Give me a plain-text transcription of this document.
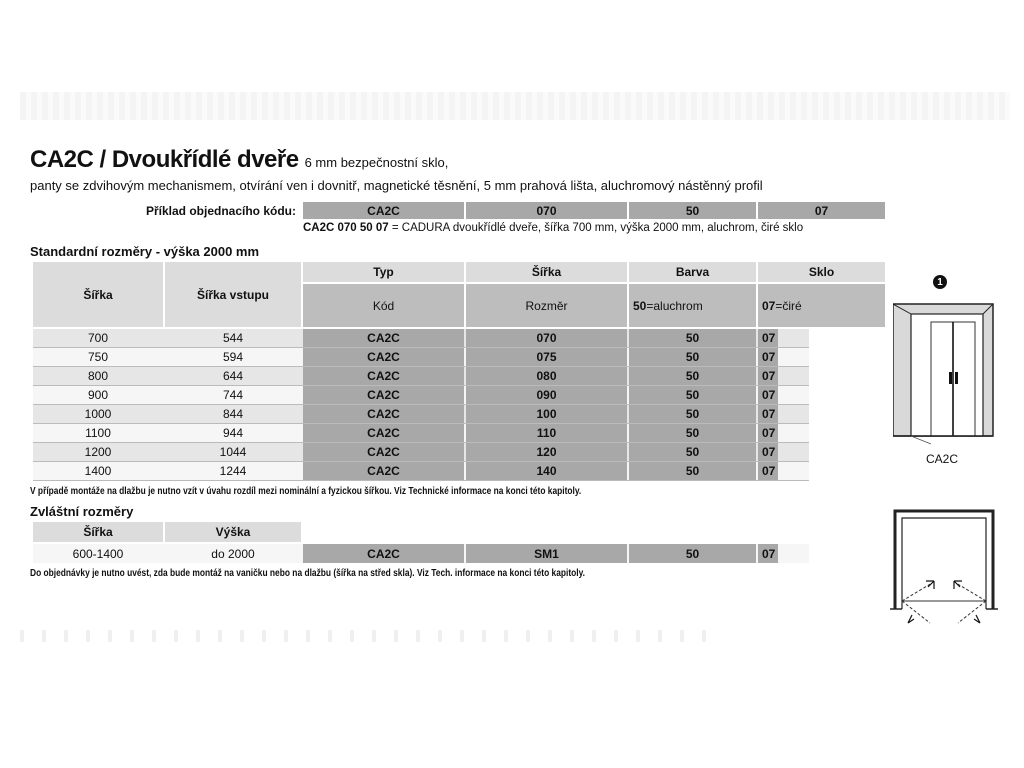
CA2C / Dvoukřídlé dveře 6 mm bezpečnostní sklo,
panty se zdvihovým mechanismem, otvírání ven i dovnitř, magnetické těsnění, 5 mm prahová lišta, aluchromový nástěnný profil
Příklad objednacího kódu:	CA2C	070	50	07
CA2C 070 50 07 = CADURA dvoukřídlé dveře, šířka 700 mm, výška 2000 mm, aluchrom, čiré sklo
Standardní rozměry - výška 2000 mm
Šířka	Šířka vstupu
Typ	Šířka	Barva	Sklo
Kód	Rozměr	50 =aluchrom	07 =čiré
700	544	CA2C	070	50	07
750	594	CA2C	075	50	07
800	644	CA2C	080	50	07
900	744	CA2C	090	50	07
1000	844	CA2C	100	50	07
1100	944	CA2C	110	50	07
1200	1044	CA2C	120	50	07
1400	1244	CA2C	140	50	07
V případě montáže na dlažbu je nutno vzít v úvahu rozdíl mezi nominální a fyzickou šířkou. Viz Technické informace na konci této kapitoly.
Zvláštní rozměry
Šířka	Výška
600-1400	do 2000	CA2C	SM1	50	07
Do objednávky je nutno uvést, zda bude montáž na vaničku nebo na dlažbu (šířka na střed skla). Viz Tech. informace na konci této kapitoly.
1
CA2C
